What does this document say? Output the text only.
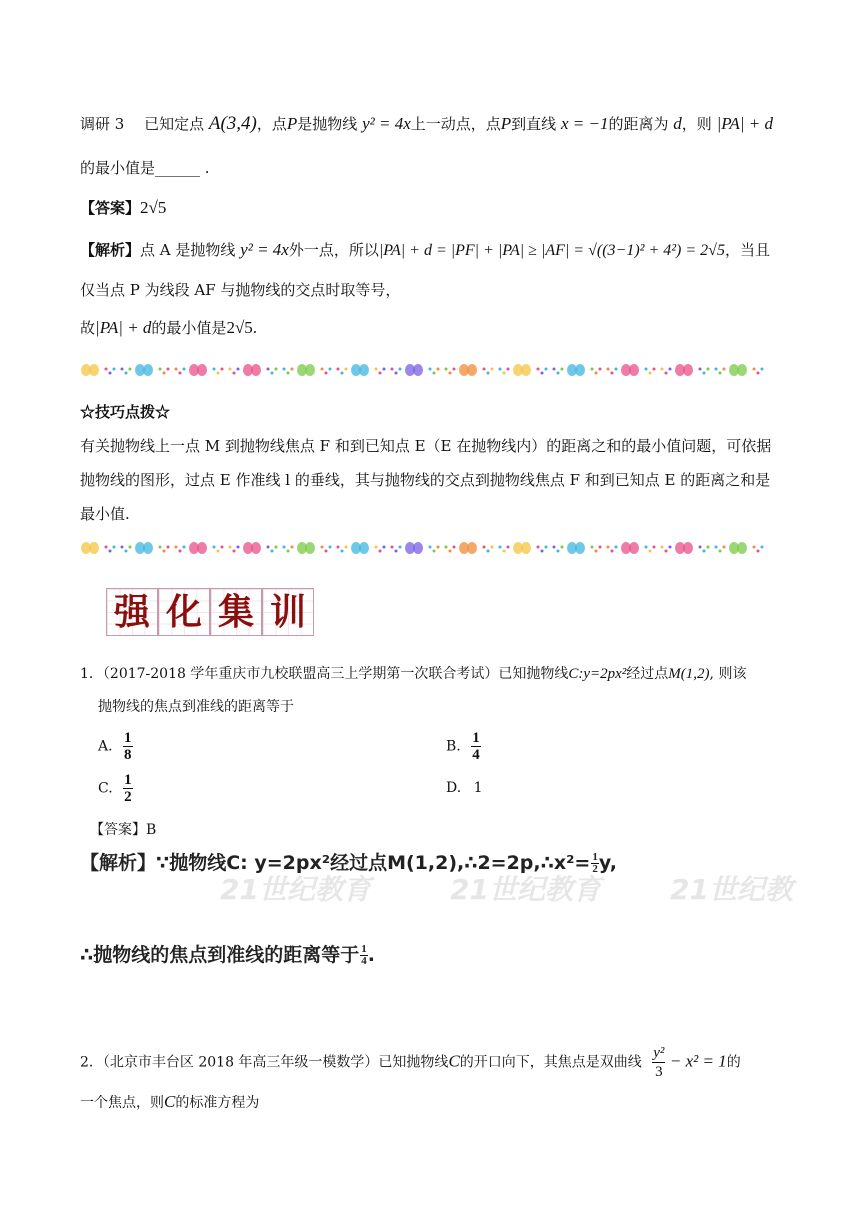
调研 3　 已知定点 A(3,4)，点P是抛物线 y² = 4x上一动点，点P到直线 x = −1的距离为 d，则 |PA| + d
的最小值是______ .
【答案】2√5
【解析】点 A 是抛物线 y² = 4x外一点，所以|PA| + d = |PF| + |PA| ≥ |AF| = √((3−1)² + 4²) = 2√5，当且
仅当点 P 为线段 AF 与抛物线的交点时取等号，
故|PA| + d的最小值是2√5.
☆技巧点拨☆
有关抛物线上一点 M 到抛物线焦点 F 和到已知点 E（E 在抛物线内）的距离之和的最小值问题，可依据
抛物线的图形，过点 E 作准线 l 的垂线，其与抛物线的交点到抛物线焦点 F 和到已知点 E 的距离之和是
最小值.
强 化 集 训
1．（2017-2018 学年重庆市九校联盟高三上学期第一次联合考试）已知抛物线C:y=2px²经过点M(1,2), 则该
抛物线的焦点到准线的距离等于
A. $\frac{1}{8}$	B. $\frac{1}{4}$
C. $\frac{1}{2}$	D. 1
【答案】B
21世纪教育	21世纪教育 21世纪教
【解析】∵抛物线C: y=2px²经过点M(1,2),∴2=2p,∴x²= $\frac{1}{2} y$,
∴抛物线的焦点到准线的距离等于 $\frac{1}{4}$ .
2．（北京市丰台区 2018 年高三年级一模数学）已知抛物线C的开口向下，其焦点是双曲线 $\frac{\text{y²}}{3} - x^2 = 1$的
一个焦点，则C的标准方程为
